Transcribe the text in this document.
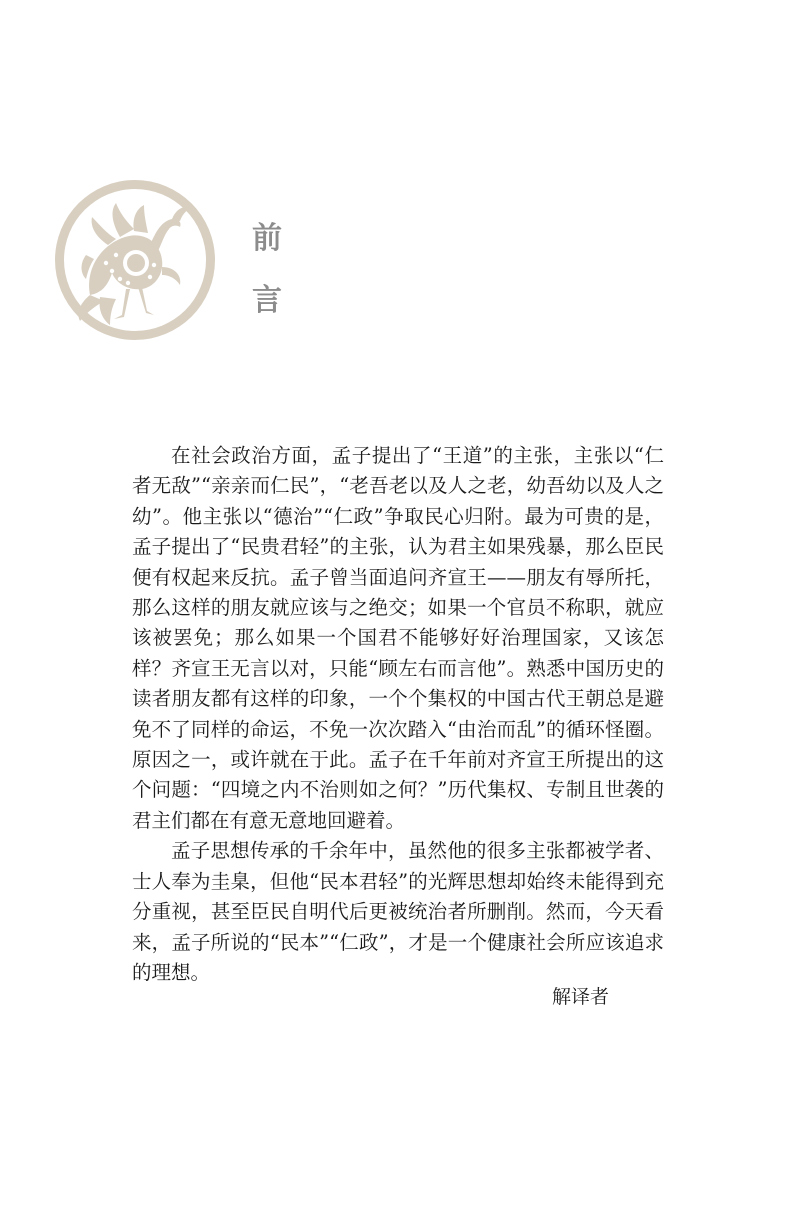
前
言

在社会政治方面，孟子提出了“王道”的主张，主张以“仁者无敌”“亲亲而仁民”，“老吾老以及人之老，幼吾幼以及人之幼”。他主张以“德治”“仁政”争取民心归附。最为可贵的是，孟子提出了“民贵君轻”的主张，认为君主如果残暴，那么臣民便有权起来反抗。孟子曾当面追问齐宣王——朋友有辱所托，那么这样的朋友就应该与之绝交；如果一个官员不称职，就应该被罢免；那么如果一个国君不能够好好治理国家，又该怎样？齐宣王无言以对，只能“顾左右而言他”。熟悉中国历史的读者朋友都有这样的印象，一个个集权的中国古代王朝总是避免不了同样的命运，不免一次次踏入“由治而乱”的循环怪圈。原因之一，或许就在于此。孟子在千年前对齐宣王所提出的这个问题：“四境之内不治则如之何？”历代集权、专制且世袭的君主们都在有意无意地回避着。

孟子思想传承的千余年中，虽然他的很多主张都被学者、士人奉为圭臬，但他“民本君轻”的光辉思想却始终未能得到充分重视，甚至臣民自明代后更被统治者所删削。然而，今天看来，孟子所说的“民本”“仁政”，才是一个健康社会所应该追求的理想。

解译者
